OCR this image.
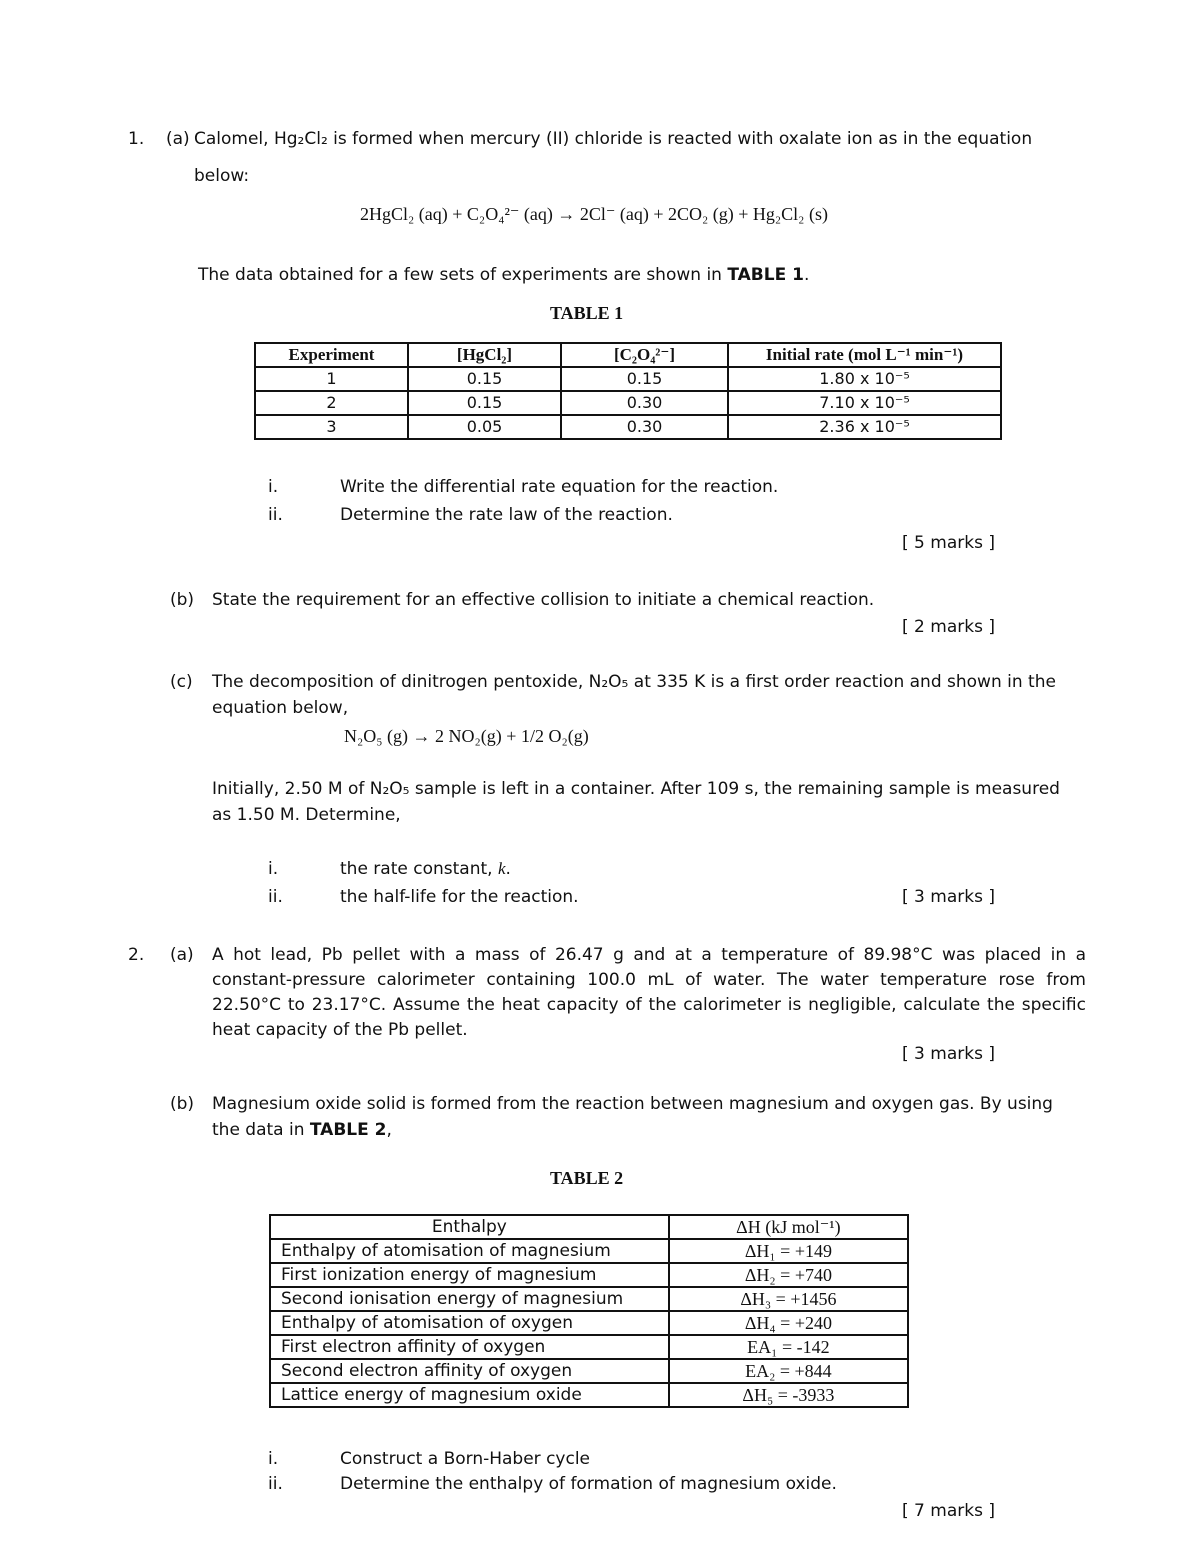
1. (a) Calomel, Hg₂Cl₂ is formed when mercury (II) chloride is reacted with oxalate ion as in the equation
below:
2HgCl₂ (aq) + C₂O₄²⁻ (aq) → 2Cl⁻ (aq) + 2CO₂ (g) + Hg₂Cl₂ (s)
The data obtained for a few sets of experiments are shown in TABLE 1.
TABLE 1
Experiment	[HgCl₂]	[C₂O₄²⁻]	Initial rate (mol L⁻¹ min⁻¹)
1	0.15	0.15	1.80 x 10⁻⁵
2	0.15	0.30	7.10 x 10⁻⁵
3	0.05	0.30	2.36 x 10⁻⁵
i.	Write the differential rate equation for the reaction.
ii.	Determine the rate law of the reaction.
[ 5 marks ]
(b) State the requirement for an effective collision to initiate a chemical reaction.
[ 2 marks ]
(c) The decomposition of dinitrogen pentoxide, N₂O₅ at 335 K is a first order reaction and shown in the
equation below,
N₂O₅ (g) → 2 NO₂(g) + 1/2 O₂(g)
Initially, 2.50 M of N₂O₅ sample is left in a container. After 109 s, the remaining sample is measured
as 1.50 M. Determine,
i.	the rate constant, k.
ii.	the half-life for the reaction.	[ 3 marks ]
2. (a) A hot lead, Pb pellet with a mass of 26.47 g and at a temperature of 89.98°C was placed in a
constant-pressure calorimeter containing 100.0 mL of water. The water temperature rose from
22.50°C to 23.17°C. Assume the heat capacity of the calorimeter is negligible, calculate the specific
heat capacity of the Pb pellet.
[ 3 marks ]
(b) Magnesium oxide solid is formed from the reaction between magnesium and oxygen gas. By using
the data in TABLE 2,
TABLE 2
Enthalpy	ΔH (kJ mol⁻¹)
Enthalpy of atomisation of magnesium	ΔH₁ = +149
First ionization energy of magnesium	ΔH₂ = +740
Second ionisation energy of magnesium	ΔH₃ = +1456
Enthalpy of atomisation of oxygen	ΔH₄ = +240
First electron affinity of oxygen	EA₁ = -142
Second electron affinity of oxygen	EA₂ = +844
Lattice energy of magnesium oxide	ΔH₅ = -3933
i.	Construct a Born-Haber cycle
ii.	Determine the enthalpy of formation of magnesium oxide.
[ 7 marks ]
